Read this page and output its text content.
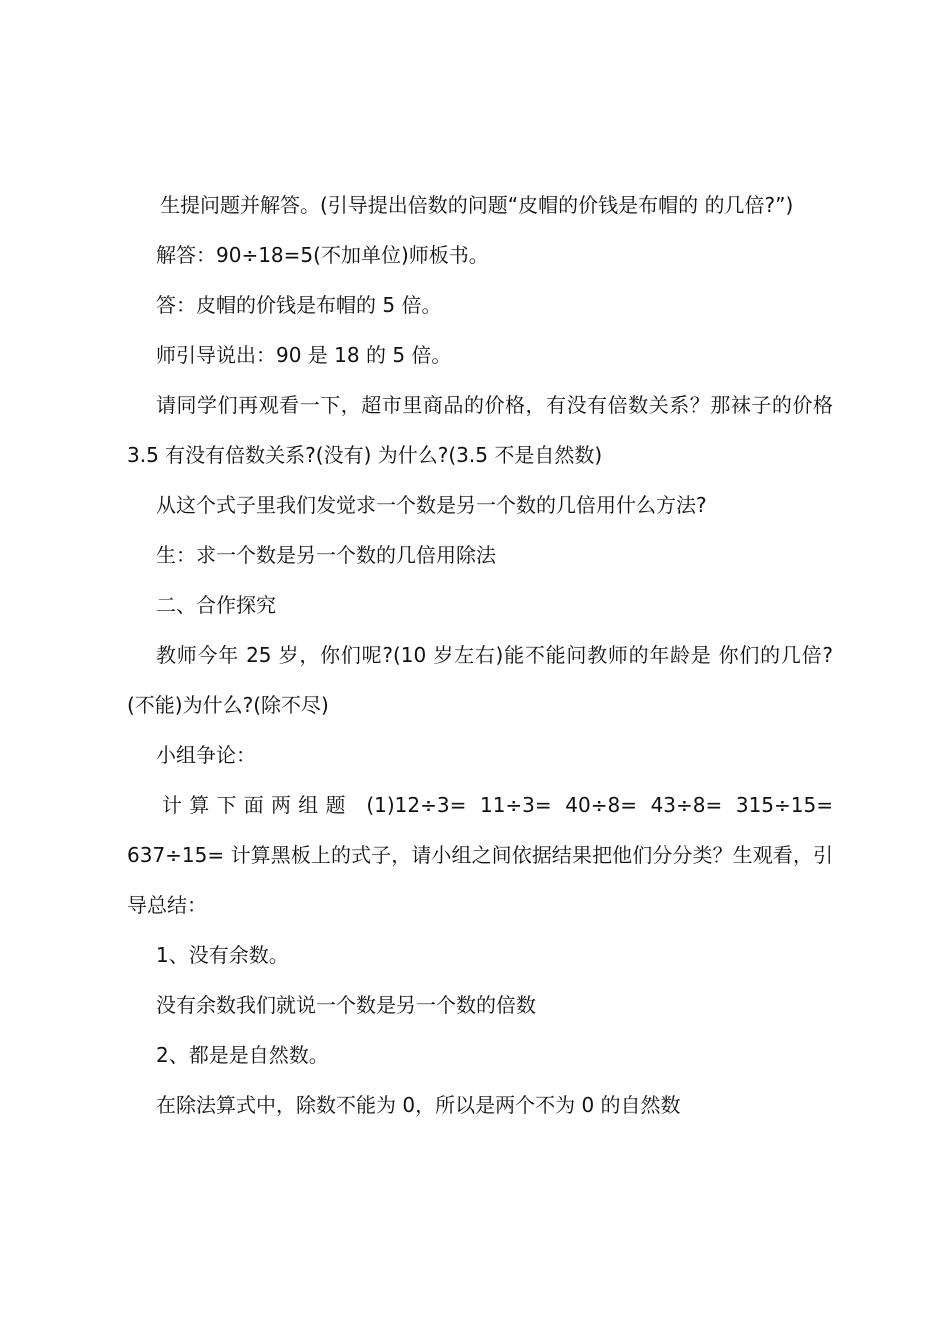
生提问题并解答。(引导提出倍数的问题“皮帽的价钱是布帽的 的几倍?”)

解答：90÷18=5(不加单位)师板书。

答：皮帽的价钱是布帽的 5 倍。

师引导说出：90 是 18 的 5 倍。

请同学们再观看一下，超市里商品的价格，有没有倍数关系？那袜子的价格 3.5 有没有倍数关系?(没有) 为什么?(3.5 不是自然数)

从这个式子里我们发觉求一个数是另一个数的几倍用什么方法?

生：求一个数是另一个数的几倍用除法

二、合作探究

教师今年 25 岁，你们呢?(10 岁左右)能不能问教师的年龄是 你们的几倍?(不能)为什么?(除不尽)

小组争论：

计算下面两组题 (1)12÷3= 11÷3= 40÷8= 43÷8= 315÷15= 637÷15= 计算黑板上的式子，请小组之间依据结果把他们分分类？生观看，引导总结：

1、没有余数。

没有余数我们就说一个数是另一个数的倍数

2、都是是自然数。

在除法算式中，除数不能为 0，所以是两个不为 0 的自然数
